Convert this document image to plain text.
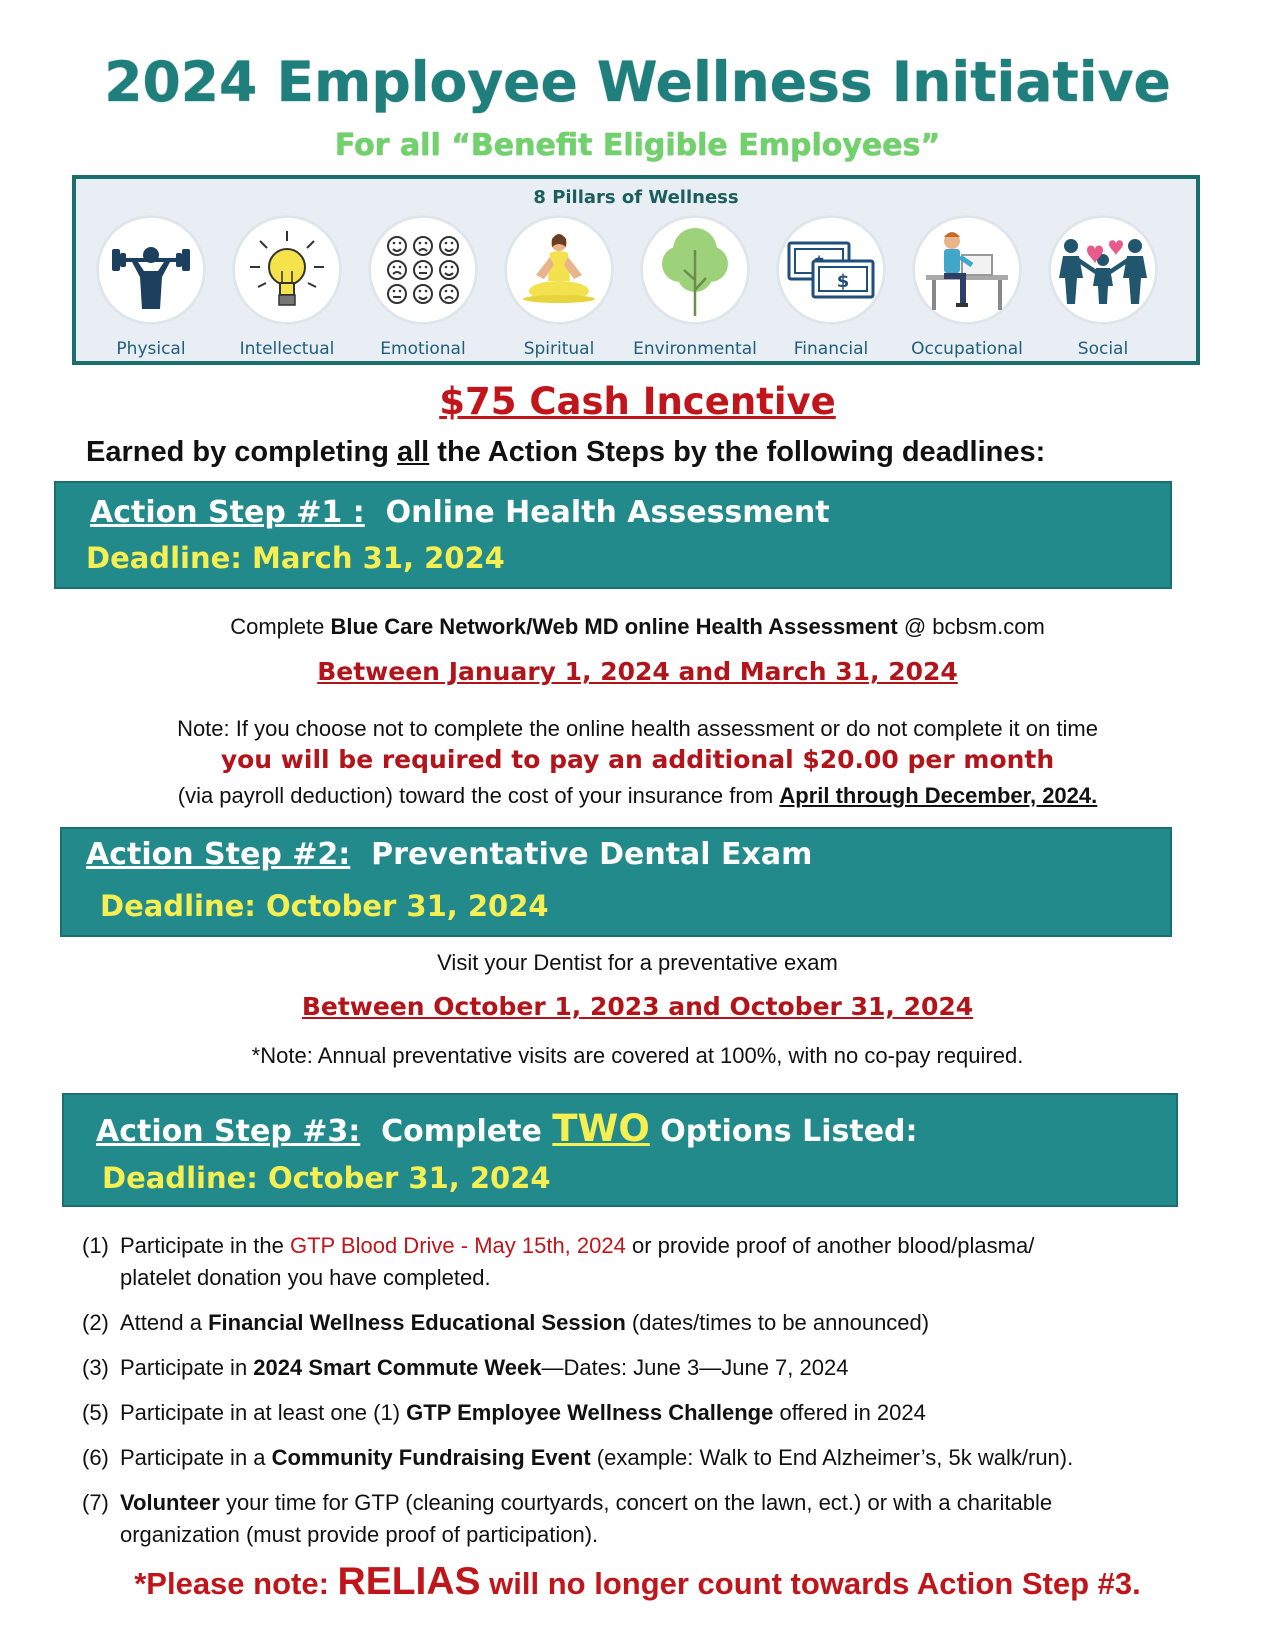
2024 Employee Wellness Initiative
For all “Benefit Eligible Employees”
8 Pillars of Wellness
Physical	Intellectual	Emotional	Spiritual	Environmental
$
Financial	Occupational	Social
$75 Cash Incentive
Earned by completing all the Action Steps by the following deadlines:
Action Step #1 : Online Health Assessment
Deadline: March 31, 2024
Complete Blue Care Network/Web MD online Health Assessment @ bcbsm.com
Between January 1, 2024 and March 31, 2024
Note: If you choose not to complete the online health assessment or do not complete it on time
you will be required to pay an additional $20.00 per month
(via payroll deduction) toward the cost of your insurance from April through December, 2024.
Action Step #2: Preventative Dental Exam
Deadline: October 31, 2024
Visit your Dentist for a preventative exam
Between October 1, 2023 and October 31, 2024
*Note: Annual preventative visits are covered at 100%, with no co-pay required.
Action Step #3: Complete TWO Options Listed:
Deadline: October 31, 2024
(1) Participate in the GTP Blood Drive - May 15th, 2024 or provide proof of another blood/plasma/
platelet donation you have completed.
(2) Attend a Financial Wellness Educational Session (dates/times to be announced)
(3) Participate in 2024 Smart Commute Week—Dates: June 3—June 7, 2024
(5) Participate in at least one (1) GTP Employee Wellness Challenge offered in 2024
(6) Participate in a Community Fundraising Event (example: Walk to End Alzheimer’s, 5k walk/run).
(7) Volunteer your time for GTP (cleaning courtyards, concert on the lawn, ect.) or with a charitable
organization (must provide proof of participation).
*Please note: RELIAS will no longer count towards Action Step #3.
